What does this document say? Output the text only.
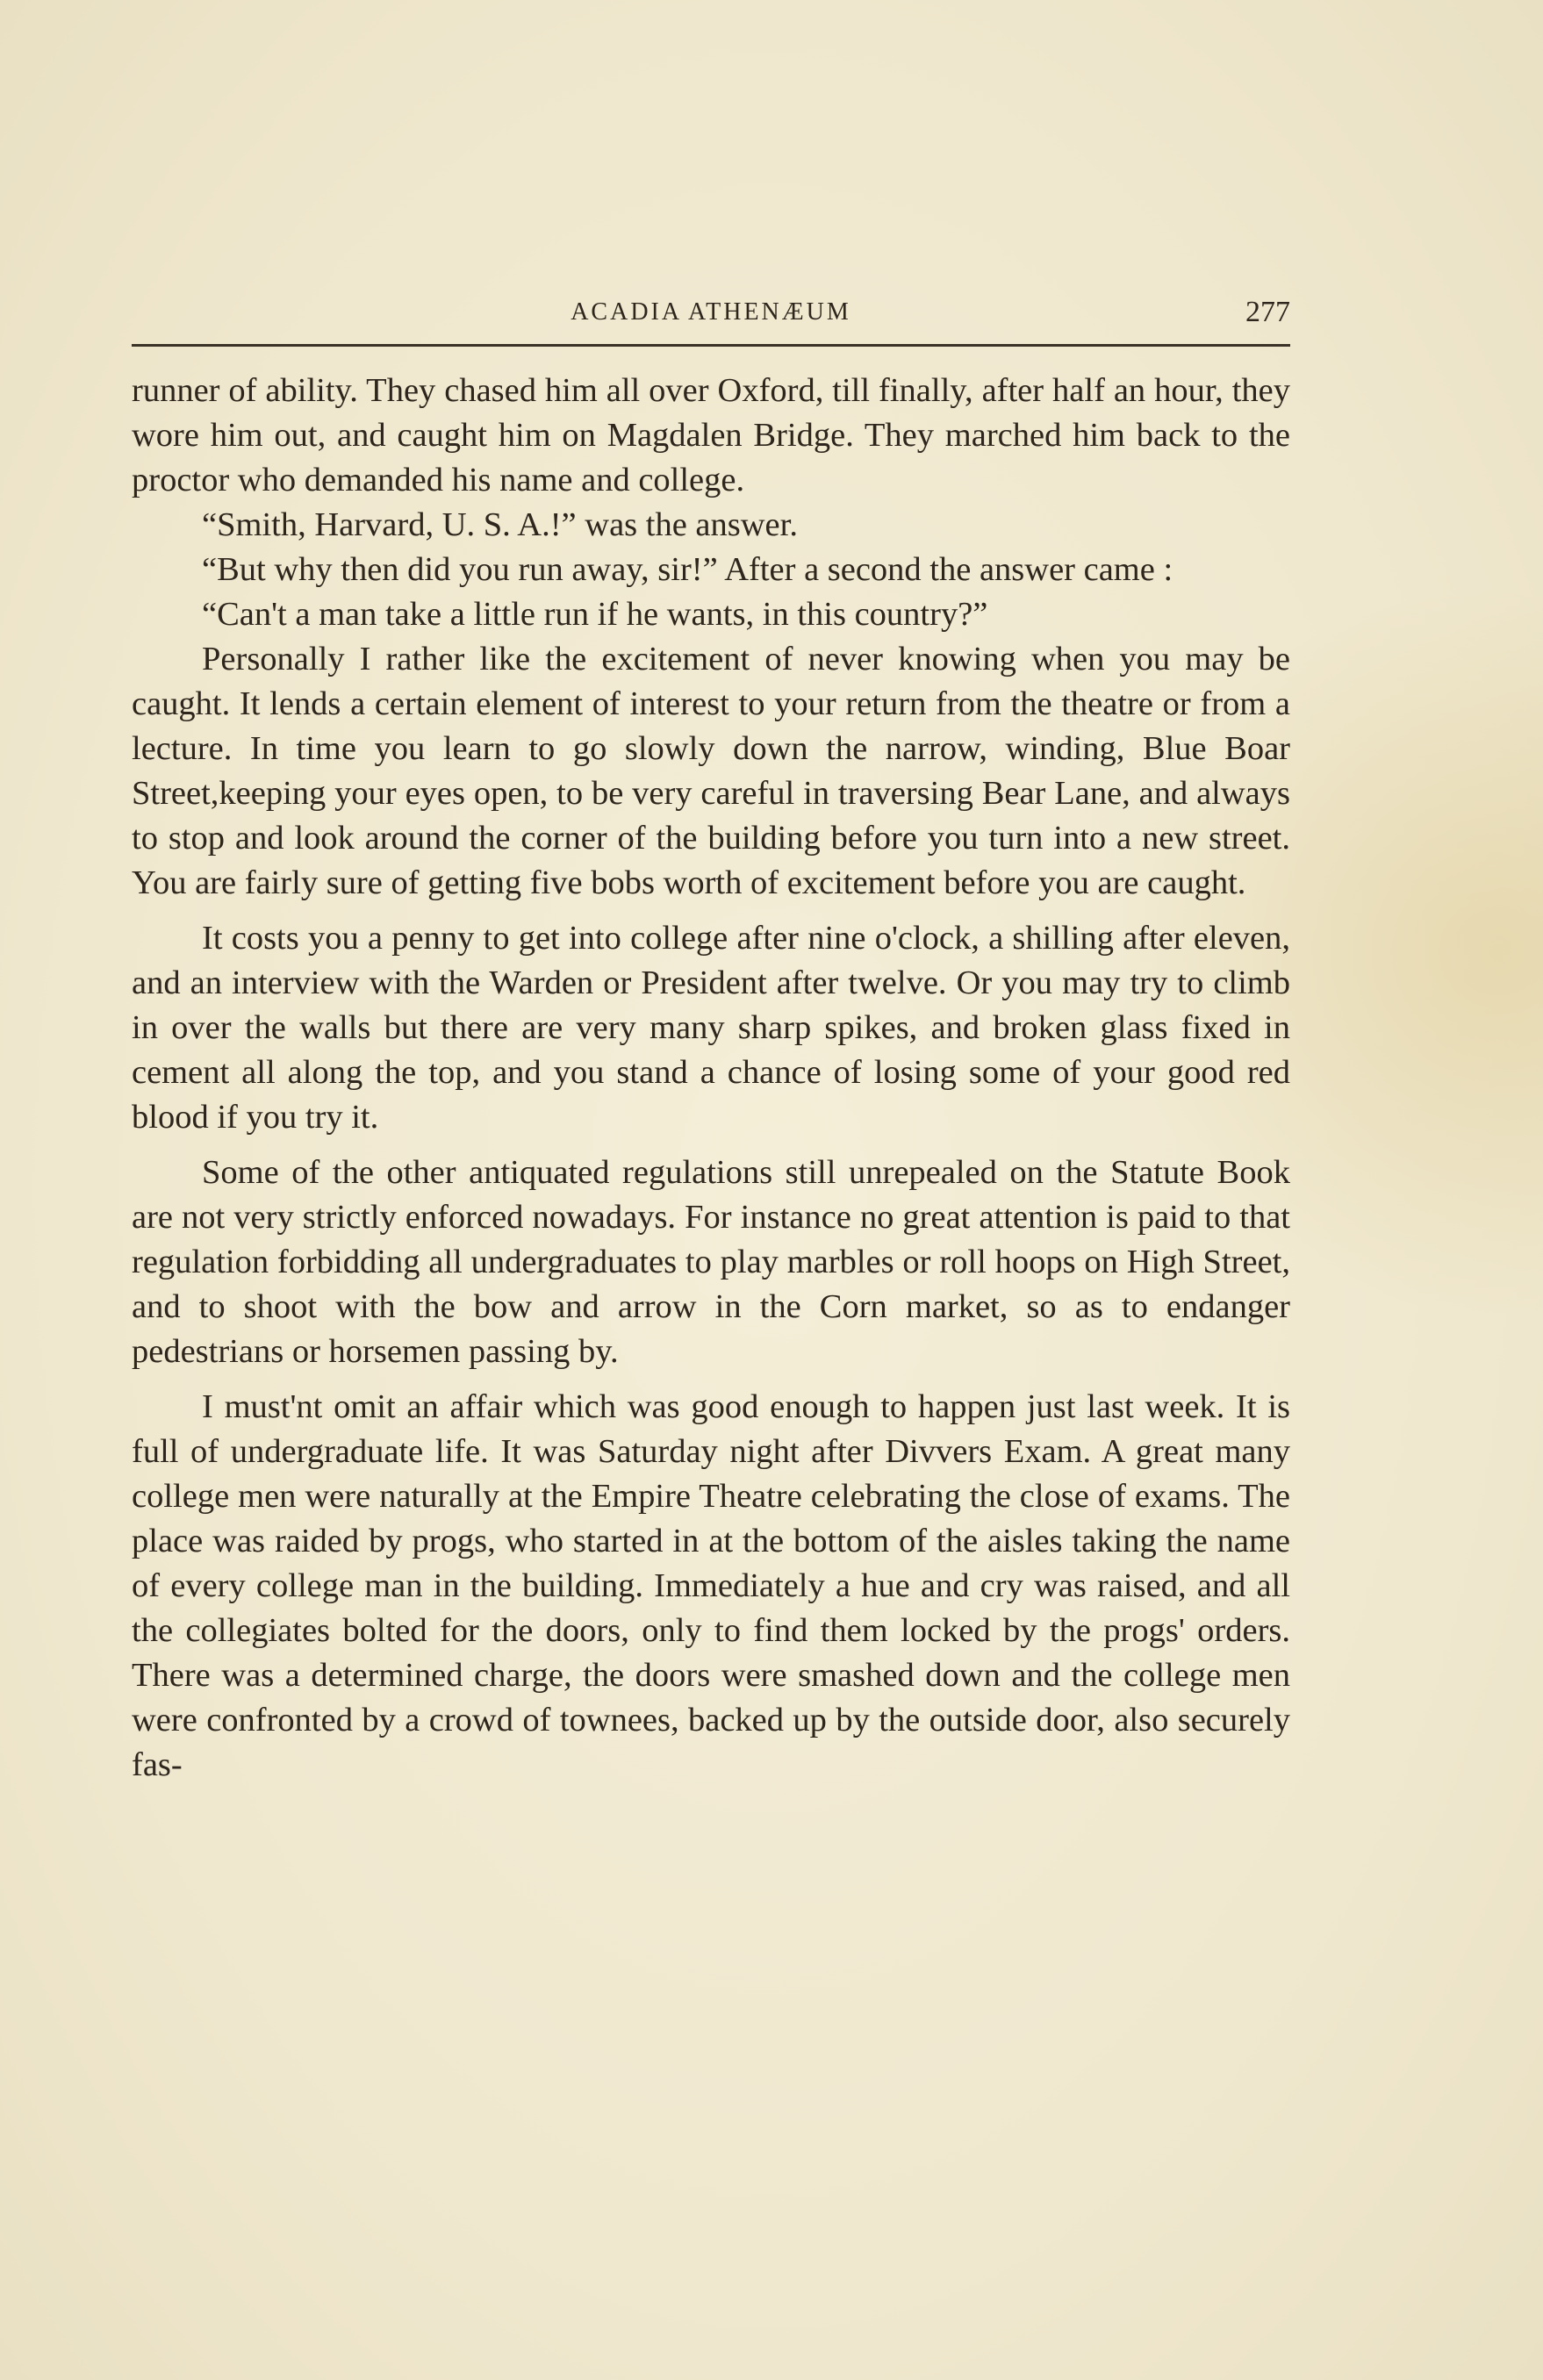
ACADIA ATHENÆUM	277

runner of ability. They chased him all over Oxford, till finally, after half an hour, they wore him out, and caught him on Magdalen Bridge. They marched him back to the proctor who demanded his name and college.

“Smith, Harvard, U. S. A.!” was the answer.

“But why then did you run away, sir!” After a second the answer came :

“Can't a man take a little run if he wants, in this country?”

Personally I rather like the excitement of never knowing when you may be caught. It lends a certain element of interest to your return from the theatre or from a lecture. In time you learn to go slowly down the narrow, winding, Blue Boar Street,keeping your eyes open, to be very careful in traversing Bear Lane, and always to stop and look around the corner of the building before you turn into a new street. You are fairly sure of getting five bobs worth of excitement before you are caught.

It costs you a penny to get into college after nine o'clock, a shilling after eleven, and an interview with the Warden or President after twelve. Or you may try to climb in over the walls but there are very many sharp spikes, and broken glass fixed in cement all along the top, and you stand a chance of losing some of your good red blood if you try it.

Some of the other antiquated regulations still unrepealed on the Statute Book are not very strictly enforced nowadays. For instance no great attention is paid to that regulation forbidding all undergraduates to play marbles or roll hoops on High Street, and to shoot with the bow and arrow in the Corn market, so as to endanger pedestrians or horsemen passing by.

I must'nt omit an affair which was good enough to happen just last week. It is full of undergraduate life. It was Saturday night after Divvers Exam. A great many college men were naturally at the Empire Theatre celebrating the close of exams. The place was raided by progs, who started in at the bottom of the aisles taking the name of every college man in the building. Immediately a hue and cry was raised, and all the collegiates bolted for the doors, only to find them locked by the progs' orders. There was a determined charge, the doors were smashed down and the college men were confronted by a crowd of townees, backed up by the outside door, also securely fas-
